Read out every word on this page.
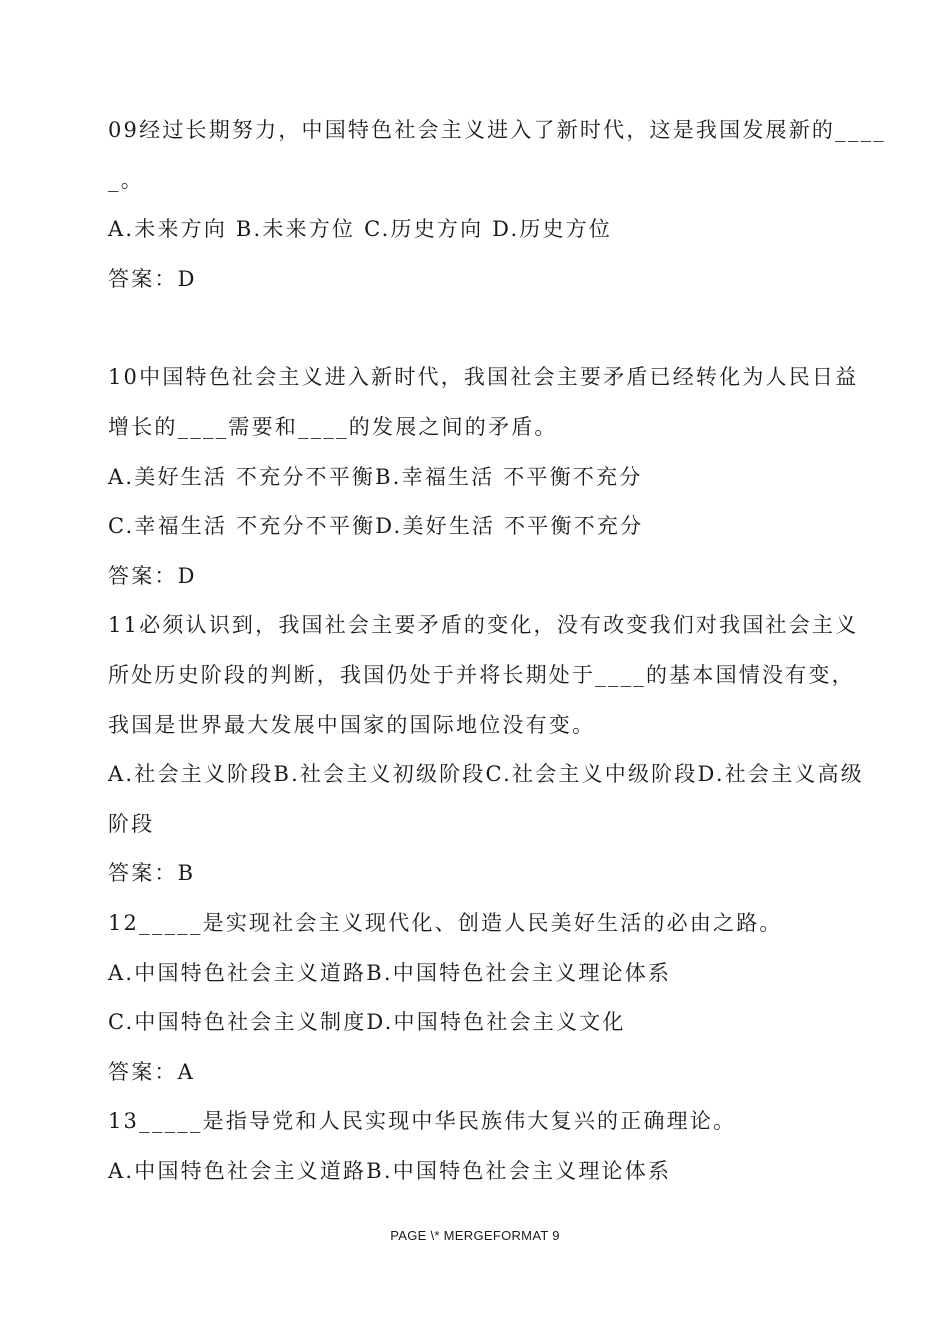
09经过长期努力，中国特色社会主义进入了新时代，这是我国发展新的____

_。

A.未来方向 B.未来方位 C.历史方向 D.历史方位

答案：D

10中国特色社会主义进入新时代，我国社会主要矛盾已经转化为人民日益

增长的____需要和____的发展之间的矛盾。

A.美好生活 不充分不平衡B.幸福生活 不平衡不充分

C.幸福生活 不充分不平衡D.美好生活 不平衡不充分

答案：D

11必须认识到，我国社会主要矛盾的变化，没有改变我们对我国社会主义

所处历史阶段的判断，我国仍处于并将长期处于____的基本国情没有变，

我国是世界最大发展中国家的国际地位没有变。

A.社会主义阶段B.社会主义初级阶段C.社会主义中级阶段D.社会主义高级

阶段

答案：B

12_____是实现社会主义现代化、创造人民美好生活的必由之路。

A.中国特色社会主义道路B.中国特色社会主义理论体系

C.中国特色社会主义制度D.中国特色社会主义文化

答案：A

13_____是指导党和人民实现中华民族伟大复兴的正确理论。

A.中国特色社会主义道路B.中国特色社会主义理论体系

PAGE \* MERGEFORMAT 9
